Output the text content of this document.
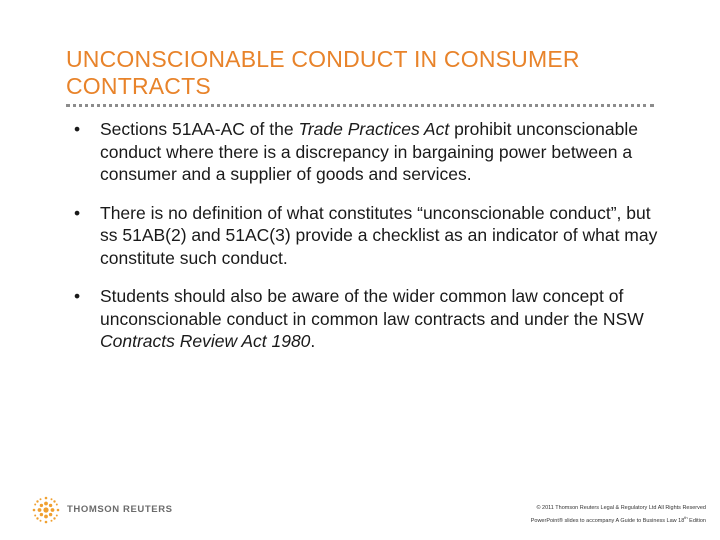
UNCONSCIONABLE CONDUCT IN CONSUMER CONTRACTS
• Sections 51AA-AC of the Trade Practices Act prohibit unconscionable conduct where there is a discrepancy in bargaining power between a consumer and a supplier of goods and services.
• There is no definition of what constitutes “unconscionable conduct”, but ss 51AB(2) and 51AC(3) provide a checklist as an indicator of what may constitute such conduct.
• Students should also be aware of the wider common law concept of unconscionable conduct in common law contracts and under the NSW Contracts Review Act 1980.
THOMSON REUTERS	© 2011 Thomson Reuters Legal & Regulatory Ltd All Rights Reserved
PowerPoint® slides to accompany A Guide to Business Law 18th Edition
